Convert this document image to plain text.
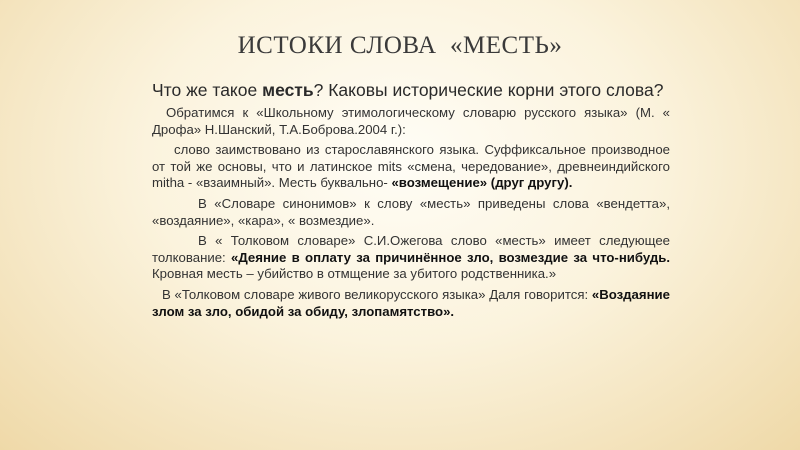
ИСТОКИ СЛОВА  «МЕСТЬ»

Что же такое месть? Каковы исторические корни этого слова?

Обратимся к «Школьному этимологическому словарю русского языка» (М. « Дрофа» Н.Шанский, Т.А.Боброва.2004 г.):

слово заимствовано из старославянского языка. Суффиксальное производное от той же основы, что и латинское mits «смена, чередование», древнеиндийского mitha - «взаимный». Месть буквально- «возмещение» (друг другу).

В «Словаре синонимов» к слову «месть» приведены слова «вендетта», «воздаяние», «кара», « возмездие».

В « Толковом словаре» С.И.Ожегова слово «месть» имеет следующее толкование: «Деяние в оплату за причинённое зло, возмездие за что-нибудь. Кровная месть – убийство в отмщение за убитого родственника.»

В «Толковом словаре живого великорусского языка» Даля говорится: «Воздаяние злом за зло, обидой за обиду, злопамятство».
